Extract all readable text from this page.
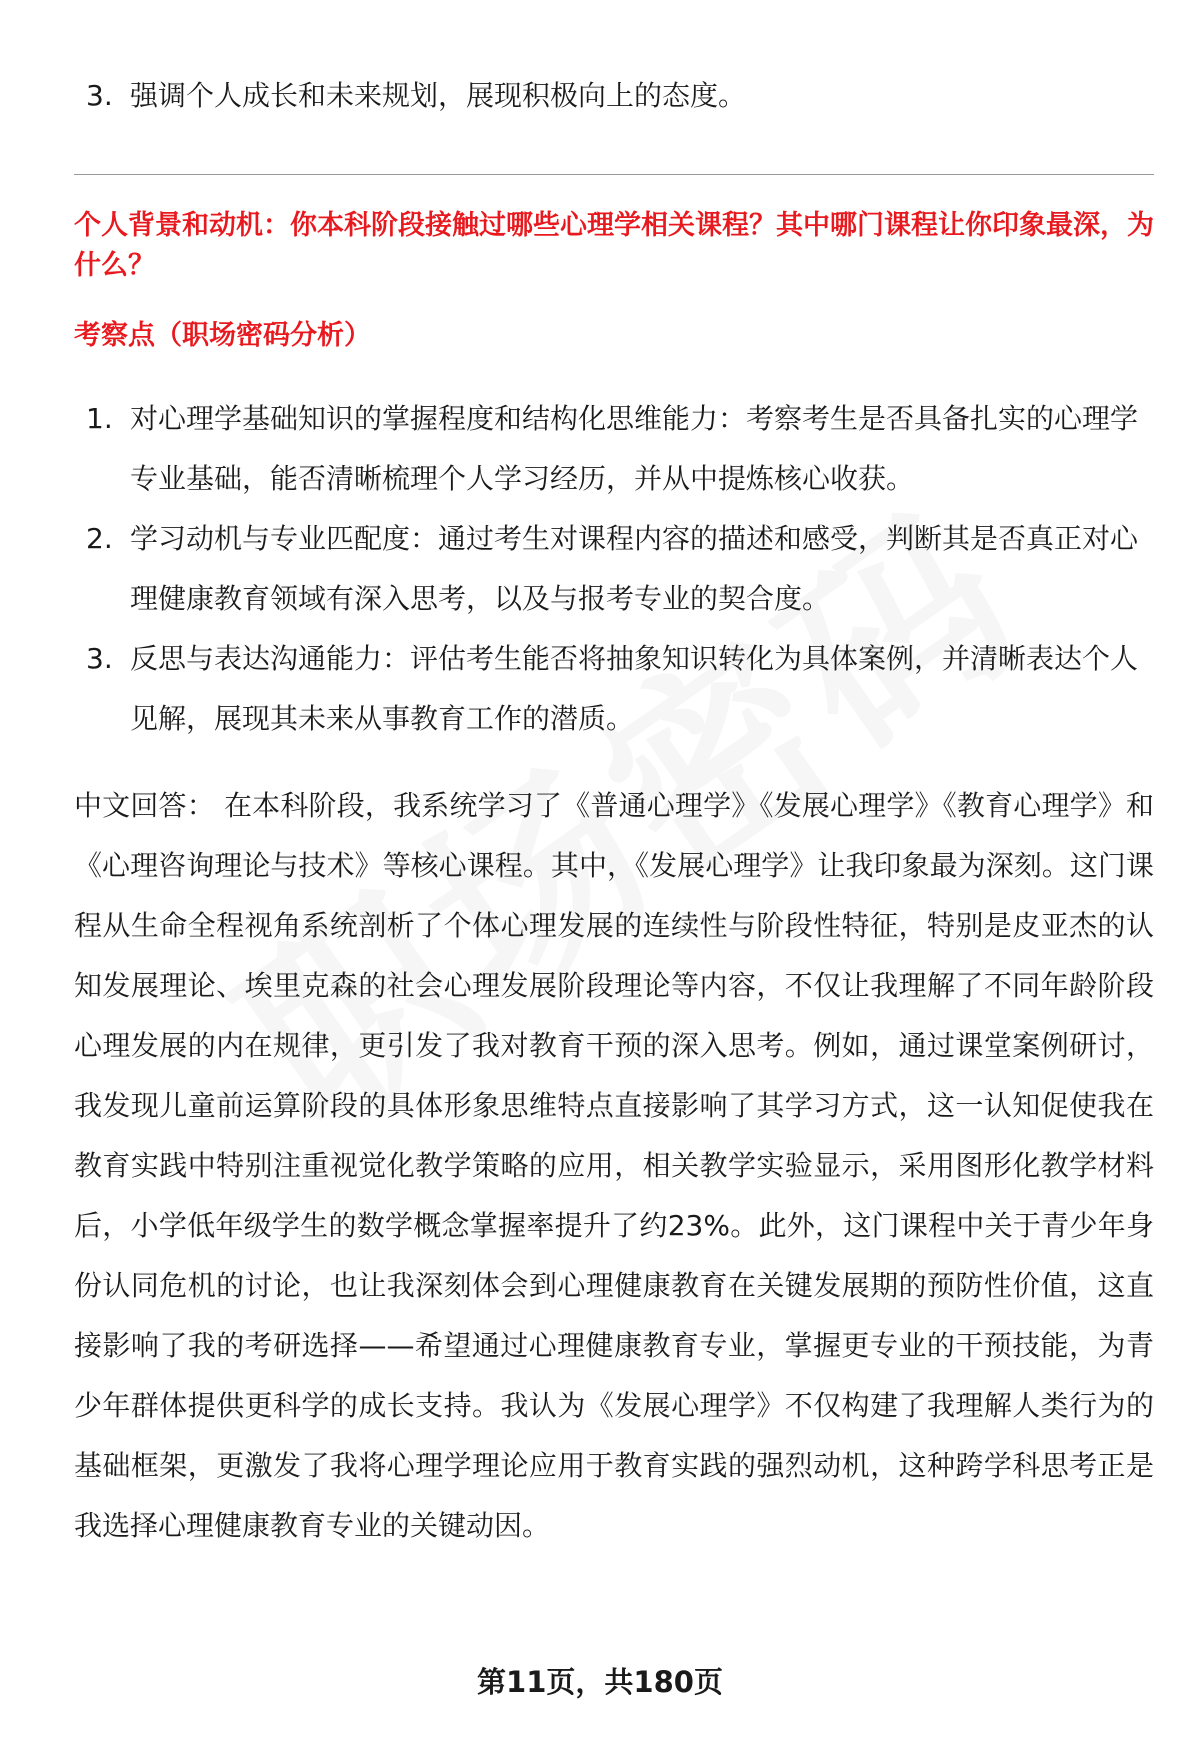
3. 强调个人成长和未来规划，展现积极向上的态度。
个人背景和动机：你本科阶段接触过哪些心理学相关课程？其中哪门课程让你印象最深，为什么？
考察点（职场密码分析）
1. 对心理学基础知识的掌握程度和结构化思维能力：考察考生是否具备扎实的心理学专业基础，能否清晰梳理个人学习经历，并从中提炼核心收获。
2. 学习动机与专业匹配度：通过考生对课程内容的描述和感受，判断其是否真正对心理健康教育领域有深入思考，以及与报考专业的契合度。
3. 反思与表达沟通能力：评估考生能否将抽象知识转化为具体案例，并清晰表达个人见解，展现其未来从事教育工作的潜质。
中文回答： 在本科阶段，我系统学习了《普通心理学》《发展心理学》《教育心理学》和《心理咨询理论与技术》等核心课程。其中，《发展心理学》让我印象最为深刻。这门课程从生命全程视角系统剖析了个体心理发展的连续性与阶段性特征，特别是皮亚杰的认知发展理论、埃里克森的社会心理发展阶段理论等内容，不仅让我理解了不同年龄阶段心理发展的内在规律，更引发了我对教育干预的深入思考。例如，通过课堂案例研讨，我发现儿童前运算阶段的具体形象思维特点直接影响了其学习方式，这一认知促使我在教育实践中特别注重视觉化教学策略的应用，相关教学实验显示，采用图形化教学材料后，小学低年级学生的数学概念掌握率提升了约23%。此外，这门课程中关于青少年身份认同危机的讨论，也让我深刻体会到心理健康教育在关键发展期的预防性价值，这直接影响了我的考研选择——希望通过心理健康教育专业，掌握更专业的干预技能，为青少年群体提供更科学的成长支持。我认为《发展心理学》不仅构建了我理解人类行为的基础框架，更激发了我将心理学理论应用于教育实践的强烈动机，这种跨学科思考正是我选择心理健康教育专业的关键动因。
第11页，共180页
